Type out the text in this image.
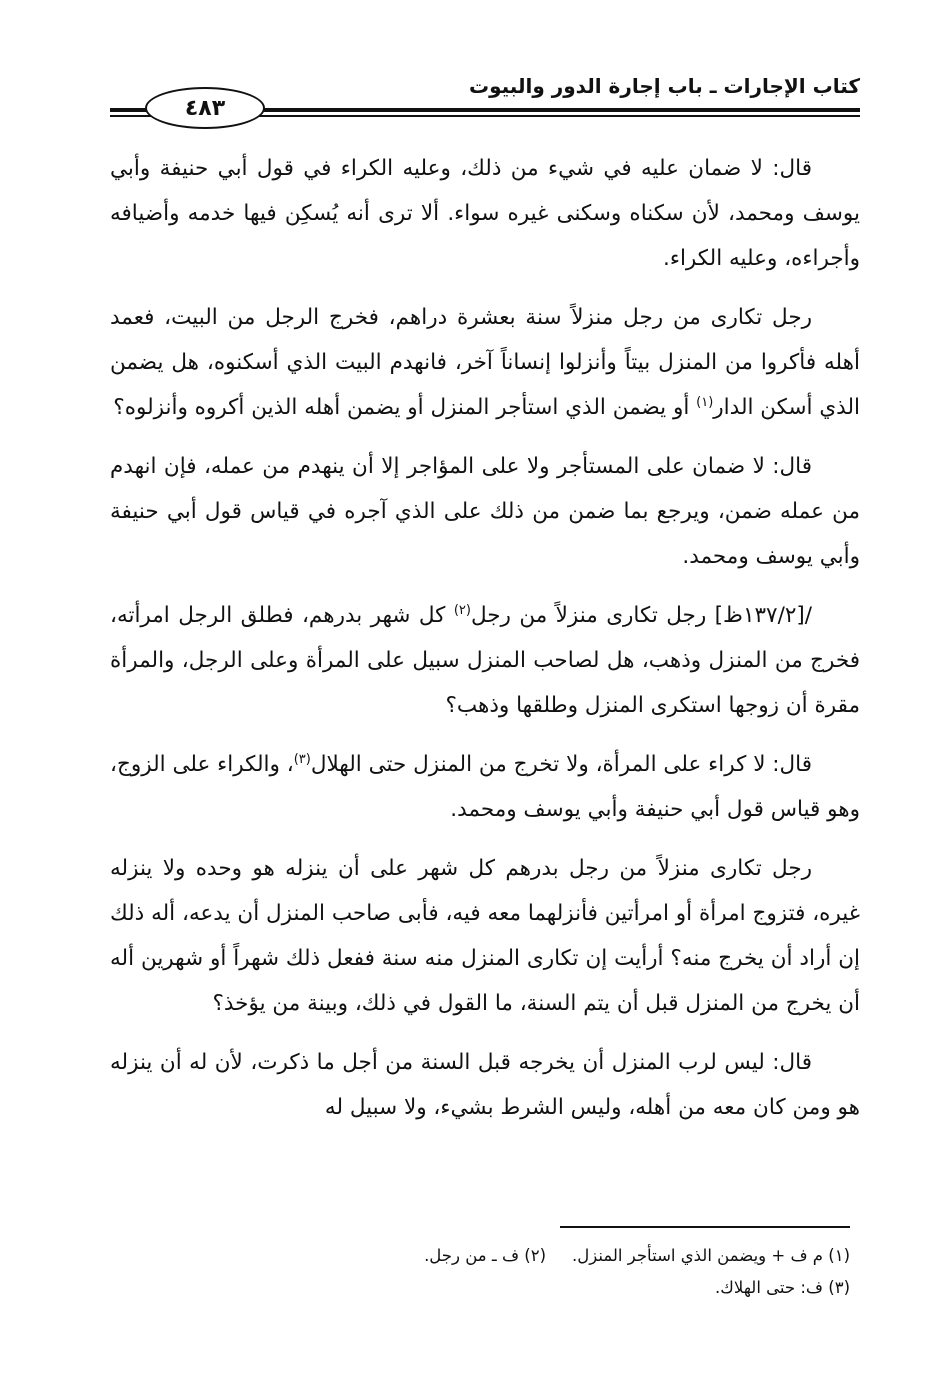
كتاب الإجارات ـ باب إجارة الدور والبيوت
٤٨٣

قال: لا ضمان عليه في شيء من ذلك، وعليه الكراء في قول أبي حنيفة وأبي يوسف ومحمد، لأن سكناه وسكنى غيره سواء. ألا ترى أنه يُسكِن فيها خدمه وأضيافه وأجراءه، وعليه الكراء.

رجل تكارى من رجل منزلاً سنة بعشرة دراهم، فخرج الرجل من البيت، فعمد أهله فأكروا من المنزل بيتاً وأنزلوا إنساناً آخر، فانهدم البيت الذي أسكنوه، هل يضمن الذي أسكن الدار$^{(١)}$ أو يضمن الذي استأجر المنزل أو يضمن أهله الذين أكروه وأنزلوه؟

قال: لا ضمان على المستأجر ولا على المؤاجر إلا أن ينهدم من عمله، فإن انهدم من عمله ضمن، ويرجع بما ضمن من ذلك على الذي آجره في قياس قول أبي حنيفة وأبي يوسف ومحمد.

/[١٣٧/٢ظ] رجل تكارى منزلاً من رجل$^{(٢)}$ كل شهر بدرهم، فطلق الرجل امرأته، فخرج من المنزل وذهب، هل لصاحب المنزل سبيل على المرأة وعلى الرجل، والمرأة مقرة أن زوجها استكرى المنزل وطلقها وذهب؟

قال: لا كراء على المرأة، ولا تخرج من المنزل حتى الهلال$^{(٣)}$، والكراء على الزوج، وهو قياس قول أبي حنيفة وأبي يوسف ومحمد.

رجل تكارى منزلاً من رجل بدرهم كل شهر على أن ينزله هو وحده ولا ينزله غيره، فتزوج امرأة أو امرأتين فأنزلهما معه فيه، فأبى صاحب المنزل أن يدعه، أله ذلك إن أراد أن يخرج منه؟ أرأيت إن تكارى المنزل منه سنة ففعل ذلك شهراً أو شهرين أله أن يخرج من المنزل قبل أن يتم السنة، ما القول في ذلك، وبينة من يؤخذ؟

قال: ليس لرب المنزل أن يخرجه قبل السنة من أجل ما ذكرت، لأن له أن ينزله هو ومن كان معه من أهله، وليس الشرط بشيء، ولا سبيل له

(١) م ف + ويضمن الذي استأجر المنزل.(٢) ف ـ من رجل.
(٣) ف: حتى الهلاك.
